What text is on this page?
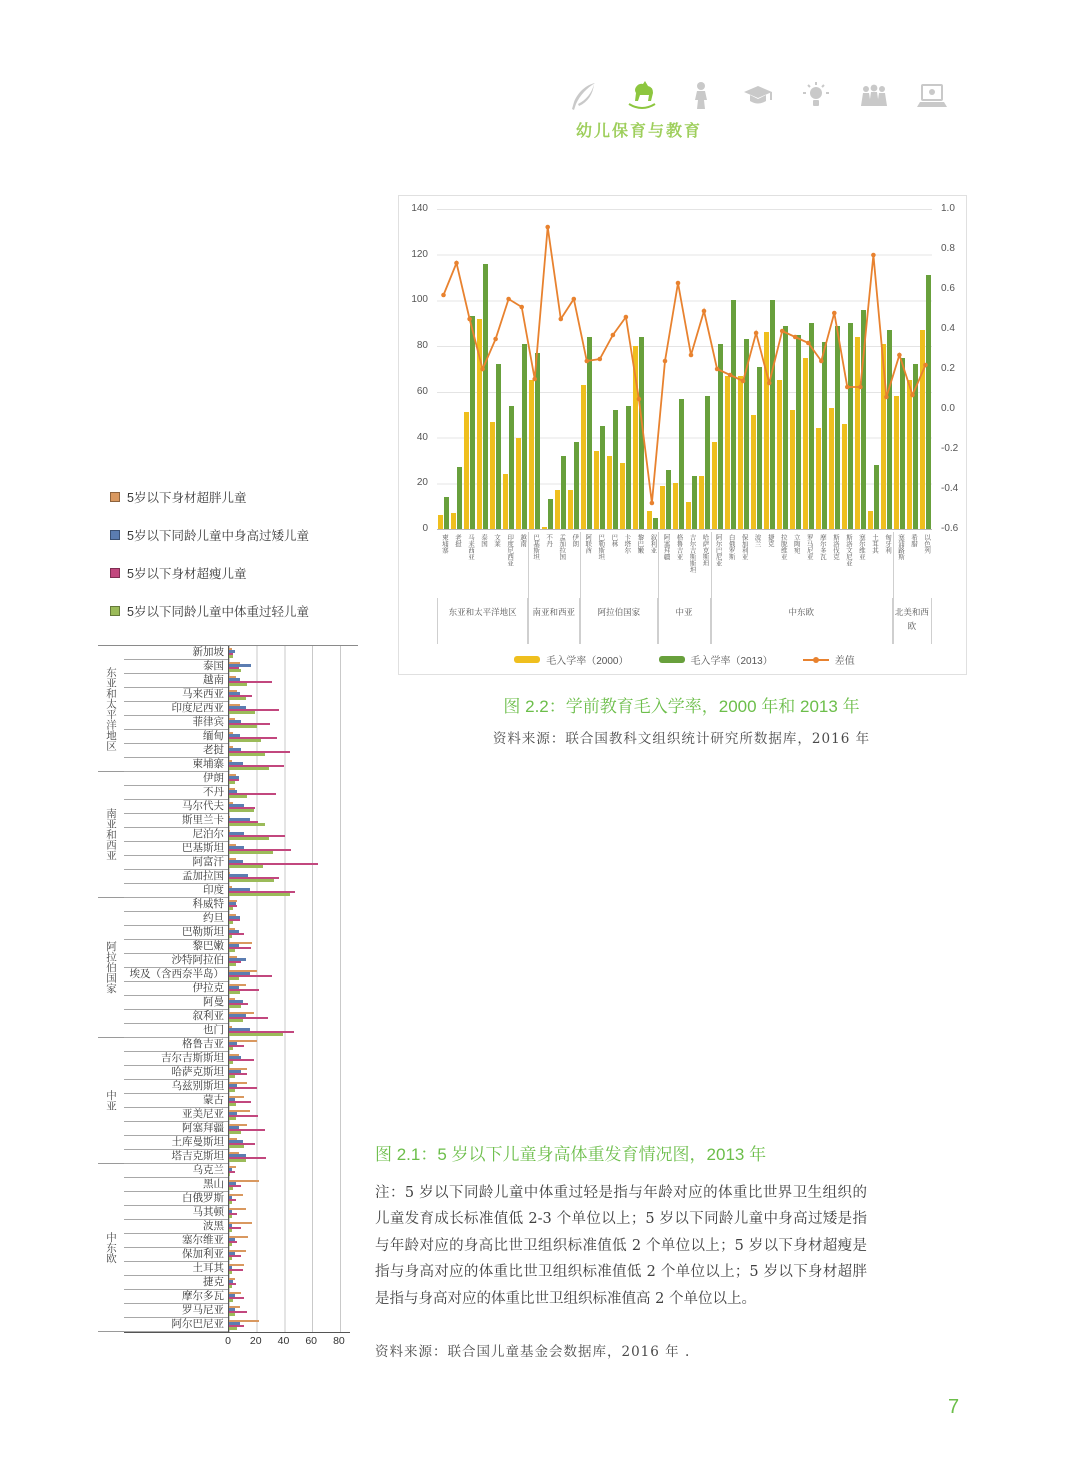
幼儿保育与教育
0
20
40
60
80
100
120
140	1.0
0.8
0.6
0.4
0.2
0.0
-0.2
-0.4
-0.6
柬埔寨 老挝 马来西亚 泰国 文莱 印度尼西亚 越南 巴基斯坦 不丹 孟加拉国 伊朗 阿联酋 巴勒斯坦 巴林 卡塔尔 黎巴嫩 叙利亚 阿塞拜疆 格鲁吉亚 吉尔吉斯斯坦 哈萨克斯坦 阿尔巴尼亚 白俄罗斯 保加利亚 波兰 捷克 拉脱维亚 立陶宛 罗马尼亚 摩尔多瓦 斯洛伐克 斯洛文尼亚 塞尔维亚 土耳其 匈牙利 塞浦路斯 希腊 以色列
东亚和太平洋地区	南亚和西亚	阿拉伯国家	中亚	中东欧	北美和西欧
毛入学率（2000）	毛入学率（2013）	差值
图 2.2：学前教育毛入学率，2000 年和 2013 年
资料来源：联合国教科文组织统计研究所数据库，2016 年
5岁以下身材超胖儿童
5岁以下同龄儿童中身高过矮儿童
5岁以下身材超瘦儿童
5岁以下同龄儿童中体重过轻儿童
东亚和太平洋地区
新加坡
泰国
越南
马来西亚
印度尼西亚
菲律宾
缅甸
老挝
柬埔寨
南亚和西亚
伊朗
不丹
马尔代夫
斯里兰卡
尼泊尔
巴基斯坦
阿富汗
孟加拉国
印度
阿拉伯国家
科威特
约旦
巴勒斯坦
黎巴嫩
沙特阿拉伯
埃及（含西奈半岛）
伊拉克
阿曼
叙利亚
也门
中亚
格鲁吉亚
吉尔吉斯斯坦
哈萨克斯坦
乌兹别斯坦
蒙古
亚美尼亚
阿塞拜疆
土库曼斯坦
塔吉克斯坦
中东欧
乌克兰
黑山
白俄罗斯
马其顿
波黑
塞尔维亚
保加利亚
土耳其
捷克
摩尔多瓦
罗马尼亚
阿尔巴尼亚
0 20 40 60 80
图 2.1：5 岁以下儿童身高体重发育情况图，2013 年
注：5 岁以下同龄儿童中体重过轻是指与年龄对应的体重比世界卫生组织的儿童发育成长标准值低 2-3 个单位以上；5 岁以下同龄儿童中身高过矮是指与年龄对应的身高比世卫组织标准值低 2 个单位以上；5 岁以下身材超瘦是指与身高对应的体重比世卫组织标准值低 2 个单位以上；5 岁以下身材超胖是指与身高对应的体重比世卫组织标准值高 2 个单位以上。
资料来源：联合国儿童基金会数据库，2016 年 .
7
